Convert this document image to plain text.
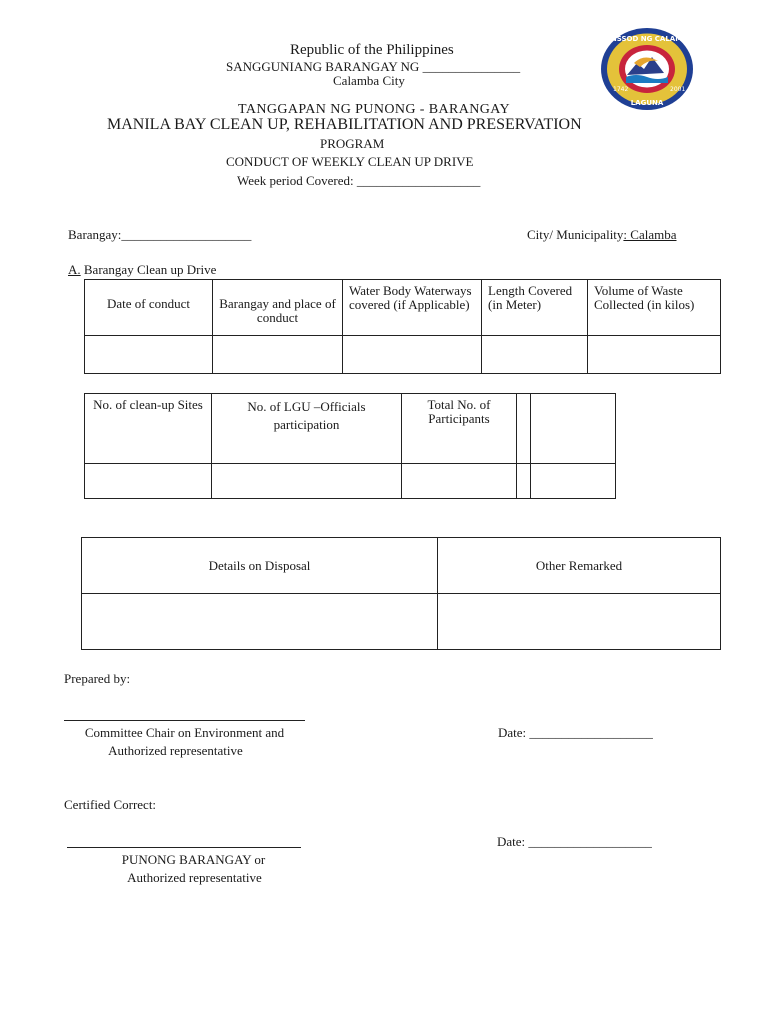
Republic of the Philippines
SANGGUNIANG BARANGAY NG _______________
Calamba City
TANGGAPAN NG PUNONG - BARANGAY
MANILA BAY CLEAN UP, REHABILITATION AND PRESERVATION
PROGRAM
CONDUCT OF WEEKLY CLEAN UP DRIVE
Week period Covered: ___________________
LUNSSOD NG CALAMBA
LAGUNA
1742	2001
Barangay:____________________	City/ Municipality: Calamba
A. Barangay Clean up Drive
Date of conduct	Barangay and place of conduct	Water Body Waterways covered (if Applicable)	Length Covered (in Meter)	Volume of Waste Collected (in kilos)

No. of clean-up Sites	No. of LGU –Officials participation	Total No. of Participants		

Details on Disposal	Other Remarked

Prepared by:
Committee Chair on Environment and
Authorized representative
Date: ___________________
Certified Correct:
PUNONG BARANGAY or
Authorized representative
Date: ___________________
